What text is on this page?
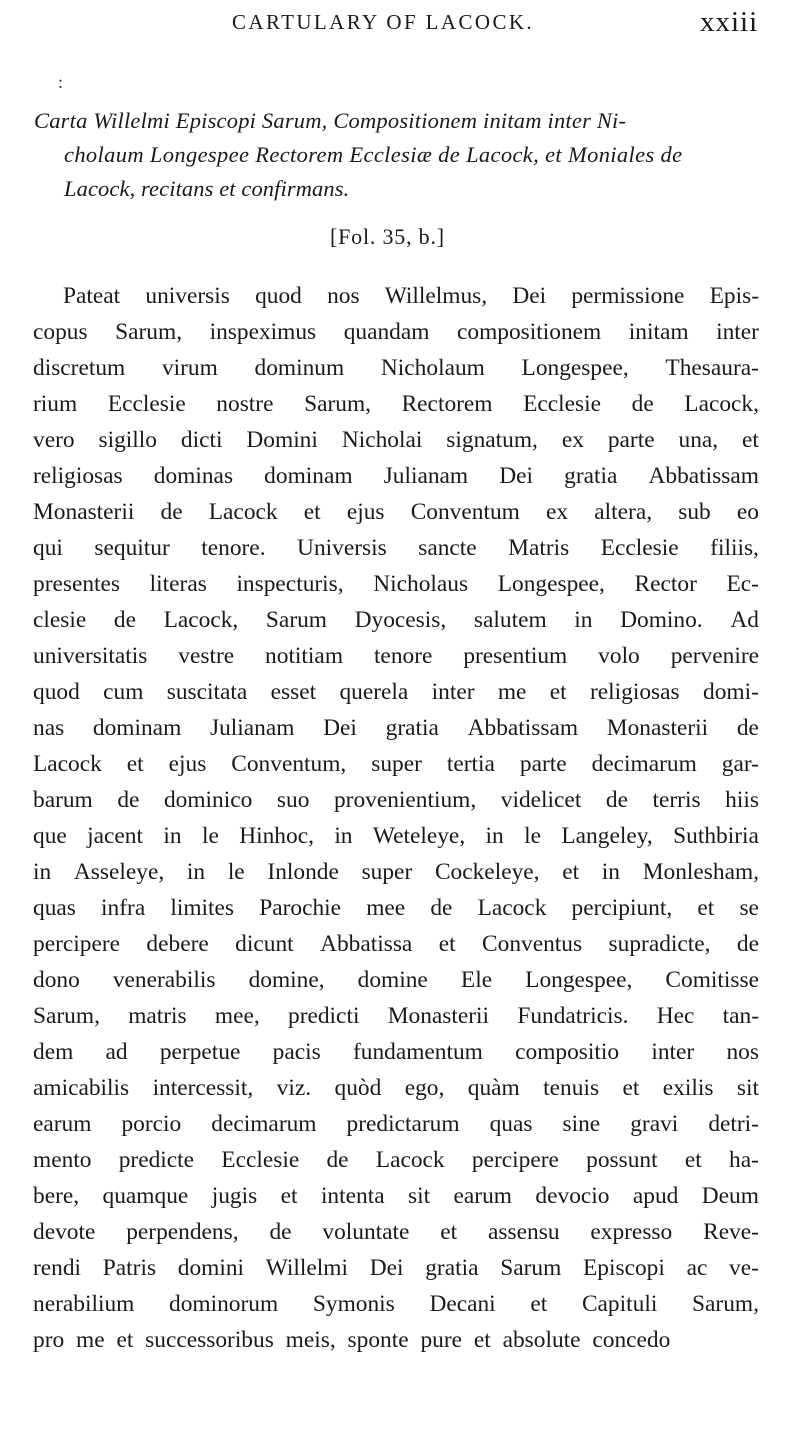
CARTULARY OF LACOCK.	xxiii
:
Carta Willelmi Episcopi Sarum, Compositionem initam inter Ni-
cholaum Longespee Rectorem Ecclesiæ de Lacock, et Moniales de
Lacock, recitans et confirmans.
[Fol. 35, b.]
Pateat universis quod nos Willelmus, Dei permissione Epis-
copus Sarum, inspeximus quandam compositionem initam inter
discretum virum dominum Nicholaum Longespee, Thesaura-
rium Ecclesie nostre Sarum, Rectorem Ecclesie de Lacock,
vero sigillo dicti Domini Nicholai signatum, ex parte una, et
religiosas dominas dominam Julianam Dei gratia Abbatissam
Monasterii de Lacock et ejus Conventum ex altera, sub eo
qui sequitur tenore. Universis sancte Matris Ecclesie filiis,
presentes literas inspecturis, Nicholaus Longespee, Rector Ec-
clesie de Lacock, Sarum Dyocesis, salutem in Domino. Ad
universitatis vestre notitiam tenore presentium volo pervenire
quod cum suscitata esset querela inter me et religiosas domi-
nas dominam Julianam Dei gratia Abbatissam Monasterii de
Lacock et ejus Conventum, super tertia parte decimarum gar-
barum de dominico suo provenientium, videlicet de terris hiis
que jacent in le Hinhoc, in Weteleye, in le Langeley, Suthbiria
in Asseleye, in le Inlonde super Cockeleye, et in Monlesham,
quas infra limites Parochie mee de Lacock percipiunt, et se
percipere debere dicunt Abbatissa et Conventus supradicte, de
dono venerabilis domine, domine Ele Longespee, Comitisse
Sarum, matris mee, predicti Monasterii Fundatricis. Hec tan-
dem ad perpetue pacis fundamentum compositio inter nos
amicabilis intercessit, viz. quòd ego, quàm tenuis et exilis sit
earum porcio decimarum predictarum quas sine gravi detri-
mento predicte Ecclesie de Lacock percipere possunt et ha-
bere, quamque jugis et intenta sit earum devocio apud Deum
devote perpendens, de voluntate et assensu expresso Reve-
rendi Patris domini Willelmi Dei gratia Sarum Episcopi ac ve-
nerabilium dominorum Symonis Decani et Capituli Sarum,
pro me et successoribus meis, sponte pure et absolute concedo
